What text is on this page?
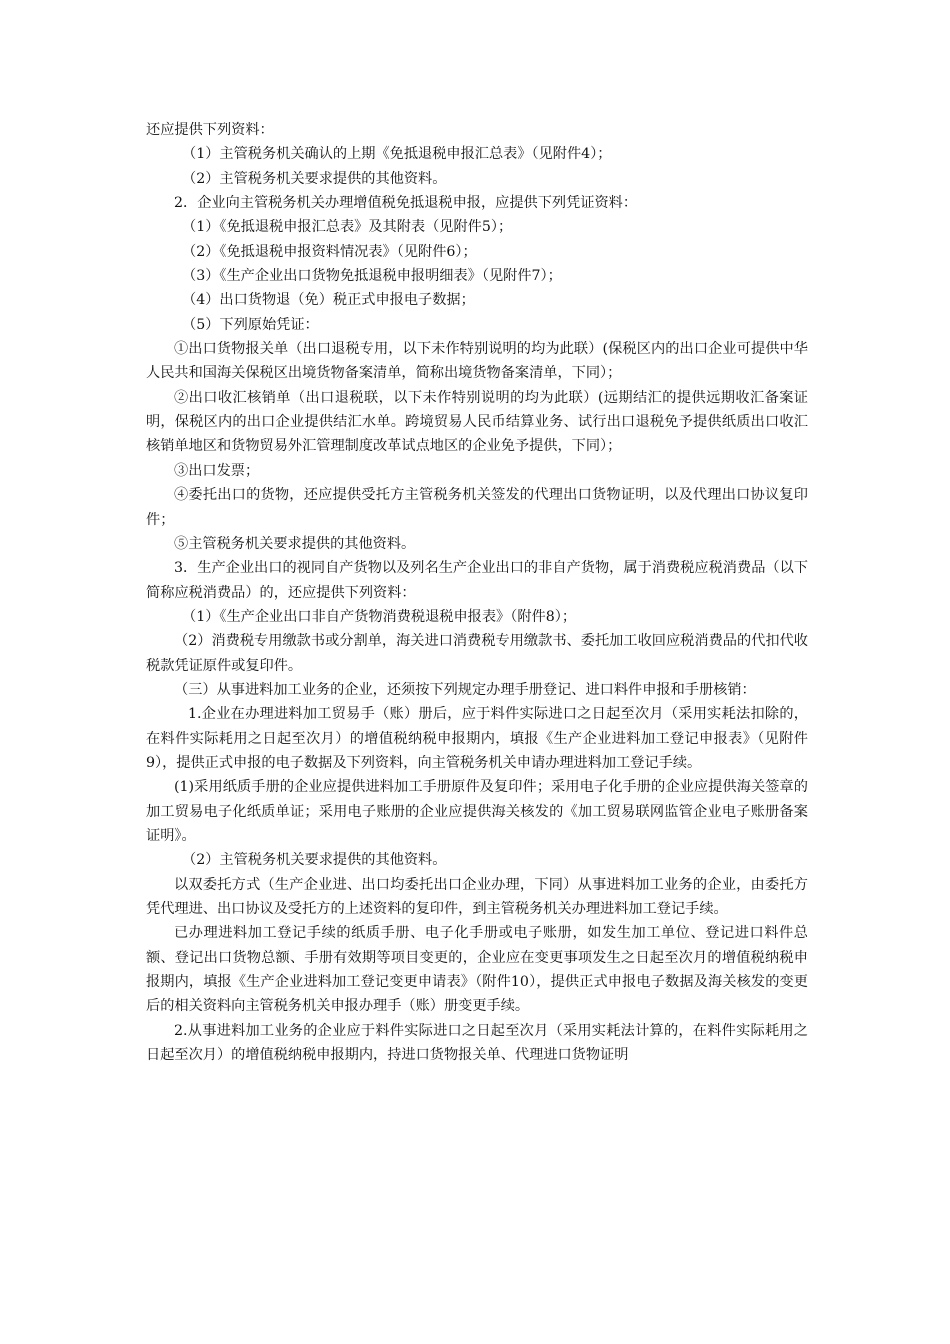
还应提供下列资料：

（1）主管税务机关确认的上期《免抵退税申报汇总表》（见附件4）；

（2）主管税务机关要求提供的其他资料。

2．企业向主管税务机关办理增值税免抵退税申报，应提供下列凭证资料：

（1）《免抵退税申报汇总表》及其附表（见附件5）；

（2）《免抵退税申报资料情况表》（见附件6）；

（3）《生产企业出口货物免抵退税申报明细表》（见附件7）；

（4）出口货物退（免）税正式申报电子数据；

（5）下列原始凭证：

①出口货物报关单（出口退税专用，以下未作特别说明的均为此联）(保税区内的出口企业可提供中华人民共和国海关保税区出境货物备案清单，简称出境货物备案清单，下同）；

②出口收汇核销单（出口退税联，以下未作特别说明的均为此联）(远期结汇的提供远期收汇备案证明，保税区内的出口企业提供结汇水单。跨境贸易人民币结算业务、试行出口退税免予提供纸质出口收汇核销单地区和货物贸易外汇管理制度改革试点地区的企业免予提供，下同）；

③出口发票；

④委托出口的货物，还应提供受托方主管税务机关签发的代理出口货物证明，以及代理出口协议复印件；

⑤主管税务机关要求提供的其他资料。

3．生产企业出口的视同自产货物以及列名生产企业出口的非自产货物，属于消费税应税消费品（以下简称应税消费品）的，还应提供下列资料：

（1）《生产企业出口非自产货物消费税退税申报表》（附件8）；

（2）消费税专用缴款书或分割单，海关进口消费税专用缴款书、委托加工收回应税消费品的代扣代收税款凭证原件或复印件。

（三）从事进料加工业务的企业，还须按下列规定办理手册登记、进口料件申报和手册核销：

1.企业在办理进料加工贸易手（账）册后，应于料件实际进口之日起至次月（采用实耗法扣除的，在料件实际耗用之日起至次月）的增值税纳税申报期内，填报《生产企业进料加工登记申报表》（见附件9），提供正式申报的电子数据及下列资料，向主管税务机关申请办理进料加工登记手续。

(1)采用纸质手册的企业应提供进料加工手册原件及复印件；采用电子化手册的企业应提供海关签章的加工贸易电子化纸质单证；采用电子账册的企业应提供海关核发的《加工贸易联网监管企业电子账册备案证明》。

（2）主管税务机关要求提供的其他资料。

以双委托方式（生产企业进、出口均委托出口企业办理，下同）从事进料加工业务的企业，由委托方凭代理进、出口协议及受托方的上述资料的复印件，到主管税务机关办理进料加工登记手续。

已办理进料加工登记手续的纸质手册、电子化手册或电子账册，如发生加工单位、登记进口料件总额、登记出口货物总额、手册有效期等项目变更的，企业应在变更事项发生之日起至次月的增值税纳税申报期内，填报《生产企业进料加工登记变更申请表》（附件10），提供正式申报电子数据及海关核发的变更后的相关资料向主管税务机关申报办理手（账）册变更手续。

2.从事进料加工业务的企业应于料件实际进口之日起至次月（采用实耗法计算的，在料件实际耗用之日起至次月）的增值税纳税申报期内，持进口货物报关单、代理进口货物证明
